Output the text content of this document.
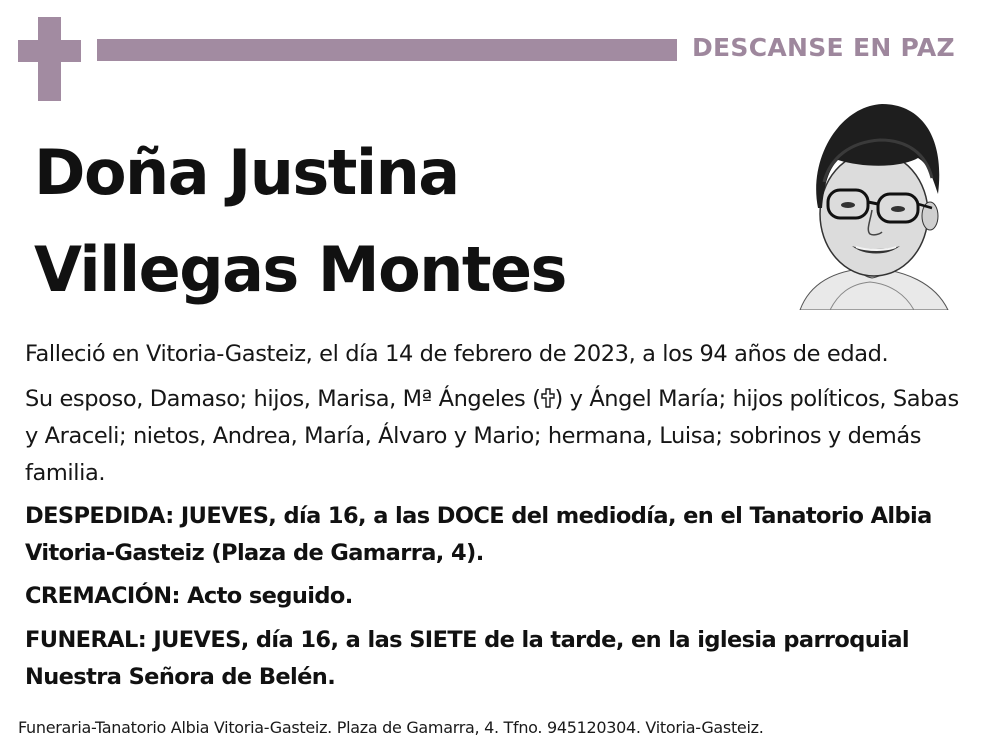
DESCANSE EN PAZ
Doña Justina
Villegas Montes
Falleció en Vitoria-Gasteiz, el día 14 de febrero de 2023, a los 94 años de edad.
Su esposo, Damaso; hijos, Marisa, Mª Ángeles ( ) y Ángel María; hijos políticos, Sabas y Araceli; nietos, Andrea, María, Álvaro y Mario; hermana, Luisa; sobrinos y demás familia.
DESPEDIDA: JUEVES, día 16, a las DOCE del mediodía, en el Tanatorio Albia Vitoria-Gasteiz (Plaza de Gamarra, 4).
CREMACIÓN: Acto seguido.
FUNERAL: JUEVES, día 16, a las SIETE de la tarde, en la iglesia parroquial Nuestra Señora de Belén.
Funeraria-Tanatorio Albia Vitoria-Gasteiz. Plaza de Gamarra, 4. Tfno. 945120304. Vitoria-Gasteiz.
